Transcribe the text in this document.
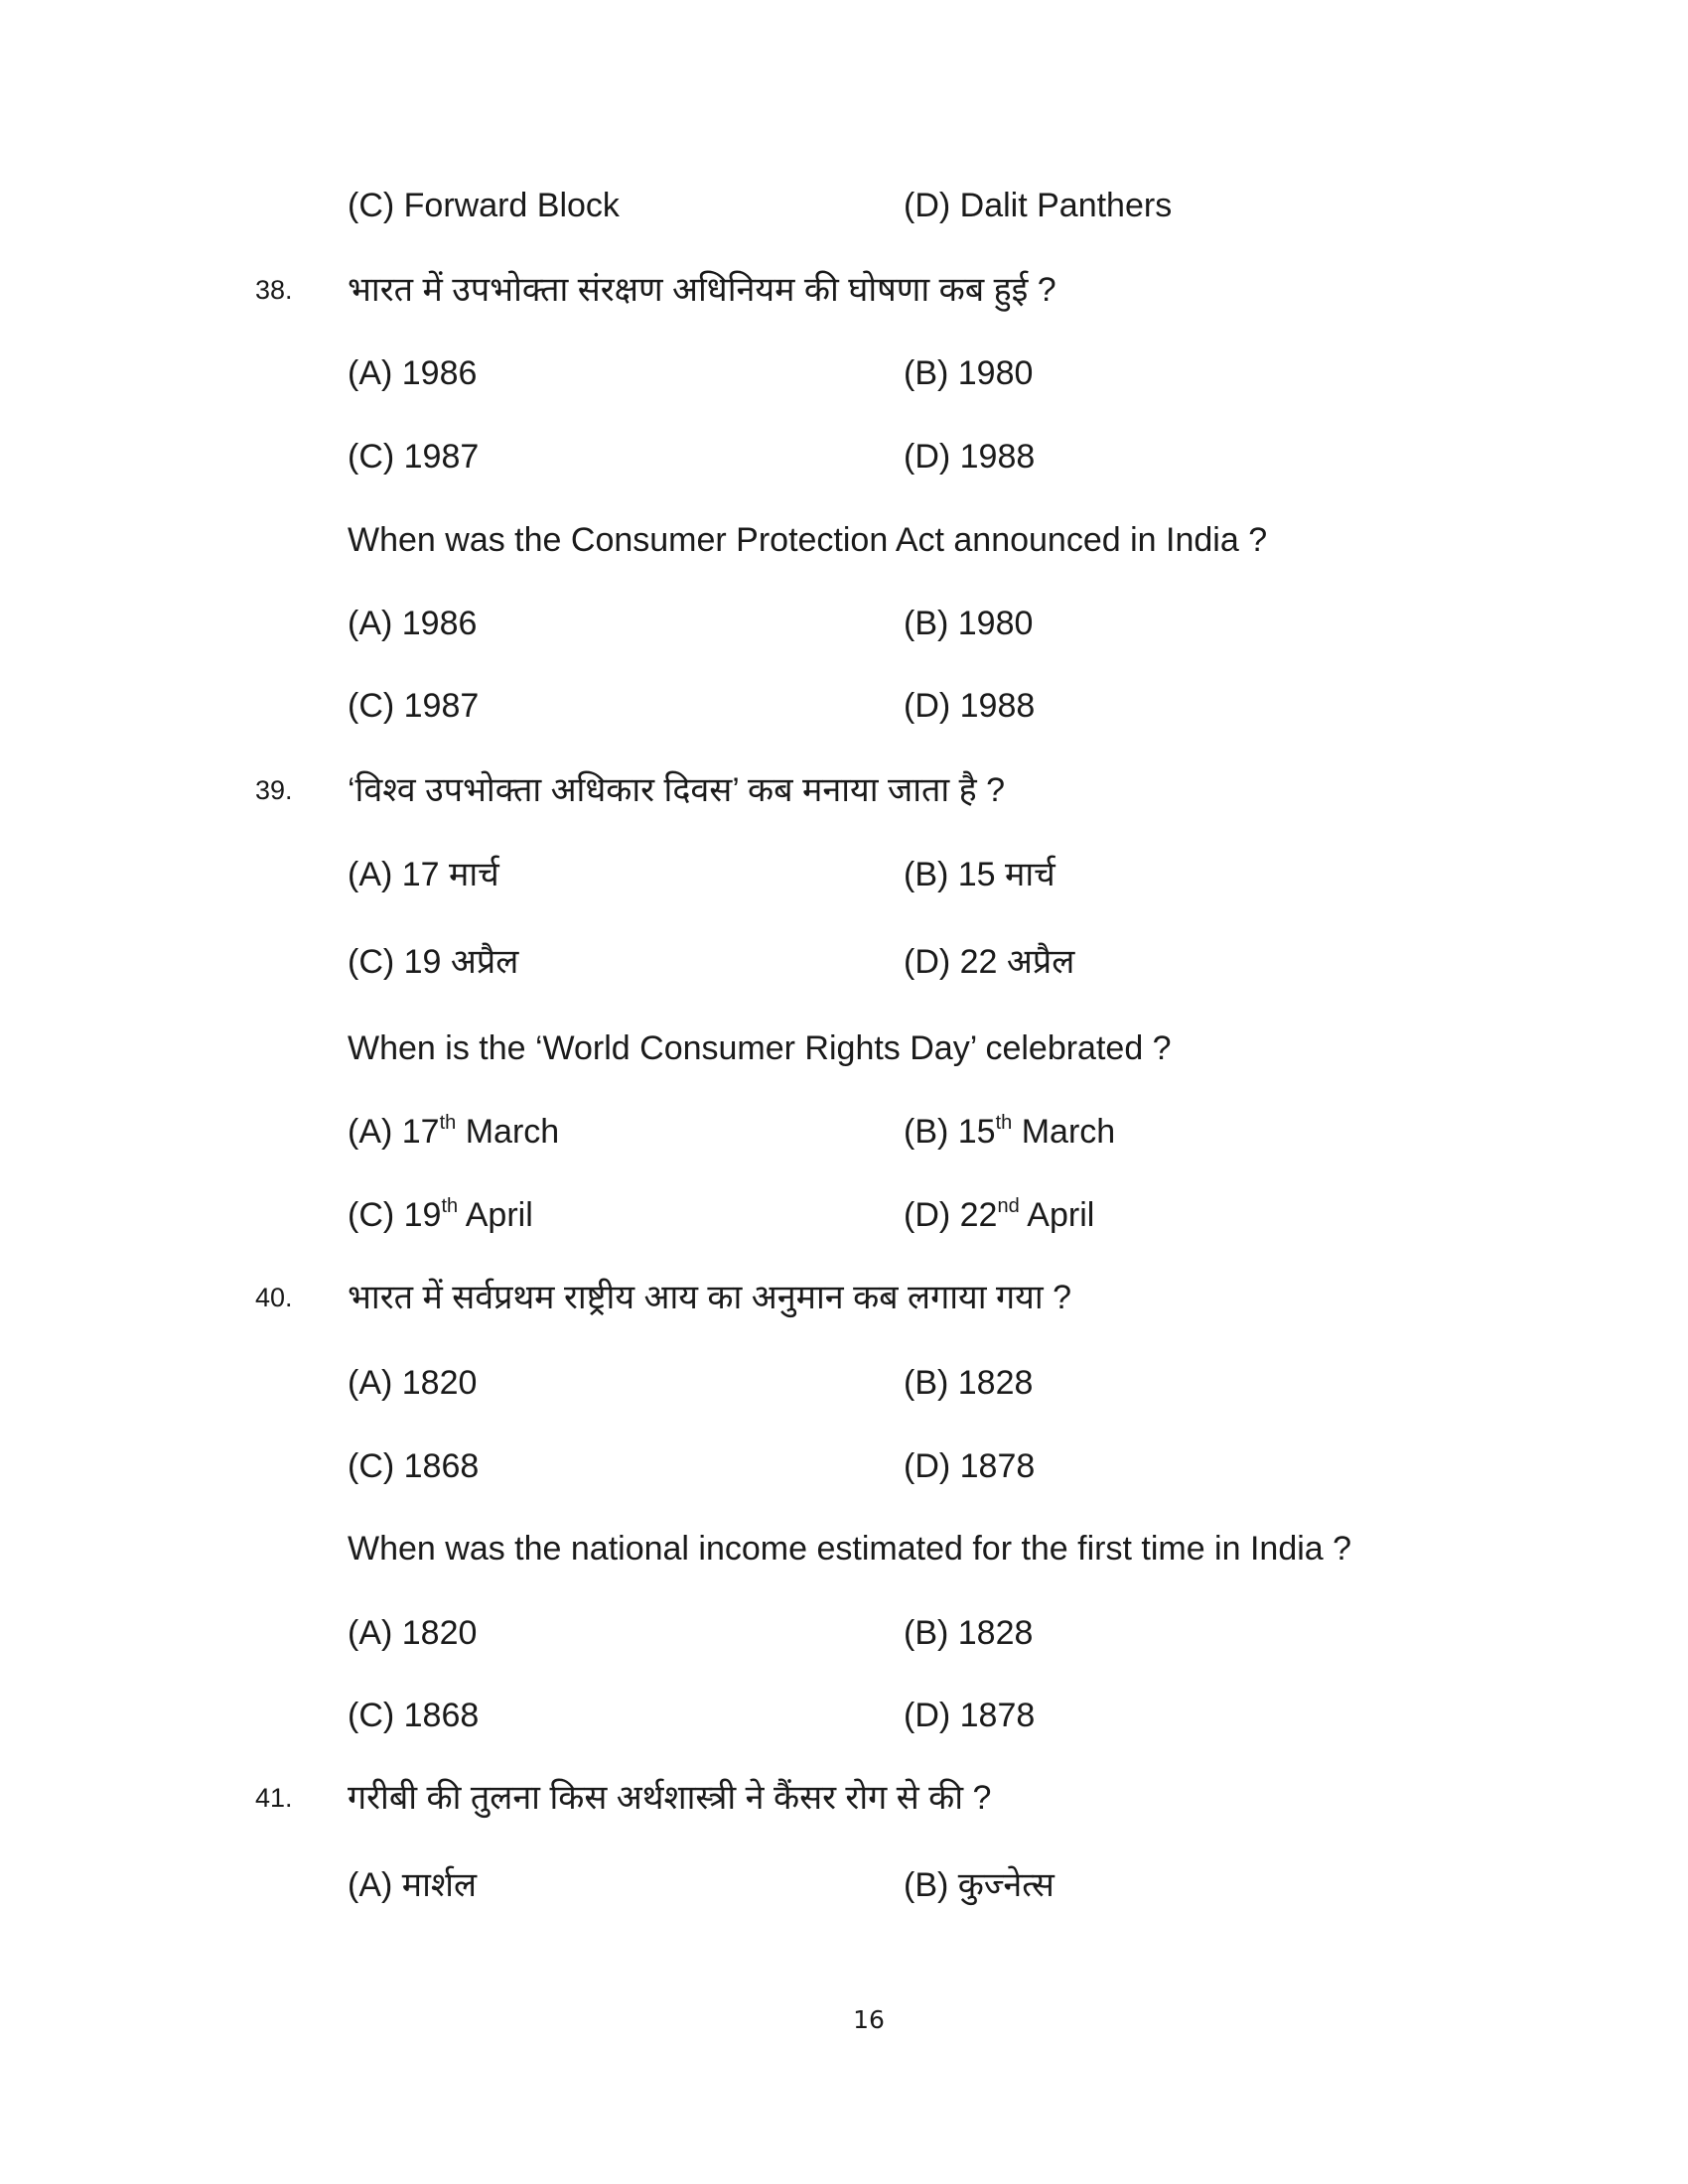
(C) Forward Block	(D) Dalit Panthers
38. भारत में उपभोक्ता संरक्षण अधिनियम की घोषणा कब हुई ?
(A) 1986	(B) 1980
(C) 1987	(D) 1988
When was the Consumer Protection Act announced in India ?
(A) 1986	(B) 1980
(C) 1987	(D) 1988
39. ‘विश्व उपभोक्ता अधिकार दिवस’ कब मनाया जाता है ?
(A) 17 मार्च	(B) 15 मार्च
(C) 19 अप्रैल	(D) 22 अप्रैल
When is the ‘World Consumer Rights Day’ celebrated ?
(A) 17th March	(B) 15th March
(C) 19th April	(D) 22nd April
40. भारत में सर्वप्रथम राष्ट्रीय आय का अनुमान कब लगाया गया ?
(A) 1820	(B) 1828
(C) 1868	(D) 1878
When was the national income estimated for the first time in India ?
(A) 1820	(B) 1828
(C) 1868	(D) 1878
41. गरीबी की तुलना किस अर्थशास्त्री ने कैंसर रोग से की ?
(A) मार्शल	(B) कुज्नेत्स
16
